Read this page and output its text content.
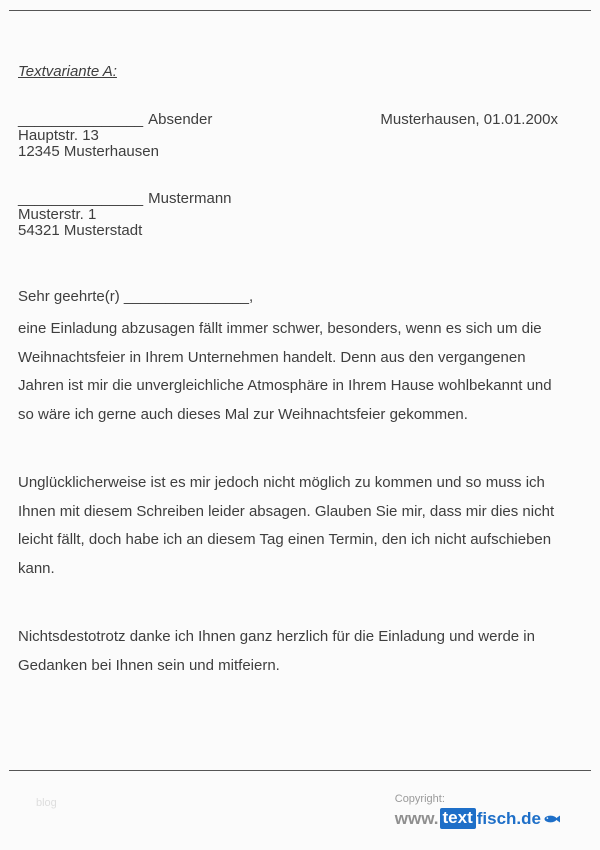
Textvariante A:
_______________ Absender	Musterhausen, 01.01.200x
Hauptstr. 13
12345 Musterhausen
_______________ Mustermann
Musterstr. 1
54321 Musterstadt
Sehr geehrte(r) _______________,

eine Einladung abzusagen fällt immer schwer, besonders, wenn es sich um die Weihnachtsfeier in Ihrem Unternehmen handelt. Denn aus den vergangenen Jahren ist mir die unvergleichliche Atmosphäre in Ihrem Hause wohlbekannt und so wäre ich gerne auch dieses Mal zur Weihnachtsfeier gekommen.

Unglücklicherweise ist es mir jedoch nicht möglich zu kommen und so muss ich Ihnen mit diesem Schreiben leider absagen. Glauben Sie mir, dass mir dies nicht leicht fällt, doch habe ich an diesem Tag einen Termin, den ich nicht aufschieben kann.

Nichtsdestotrotz danke ich Ihnen ganz herzlich für die Einladung und werde in Gedanken bei Ihnen sein und mitfeiern.

blog	Copyright:
www. text fisch.de
